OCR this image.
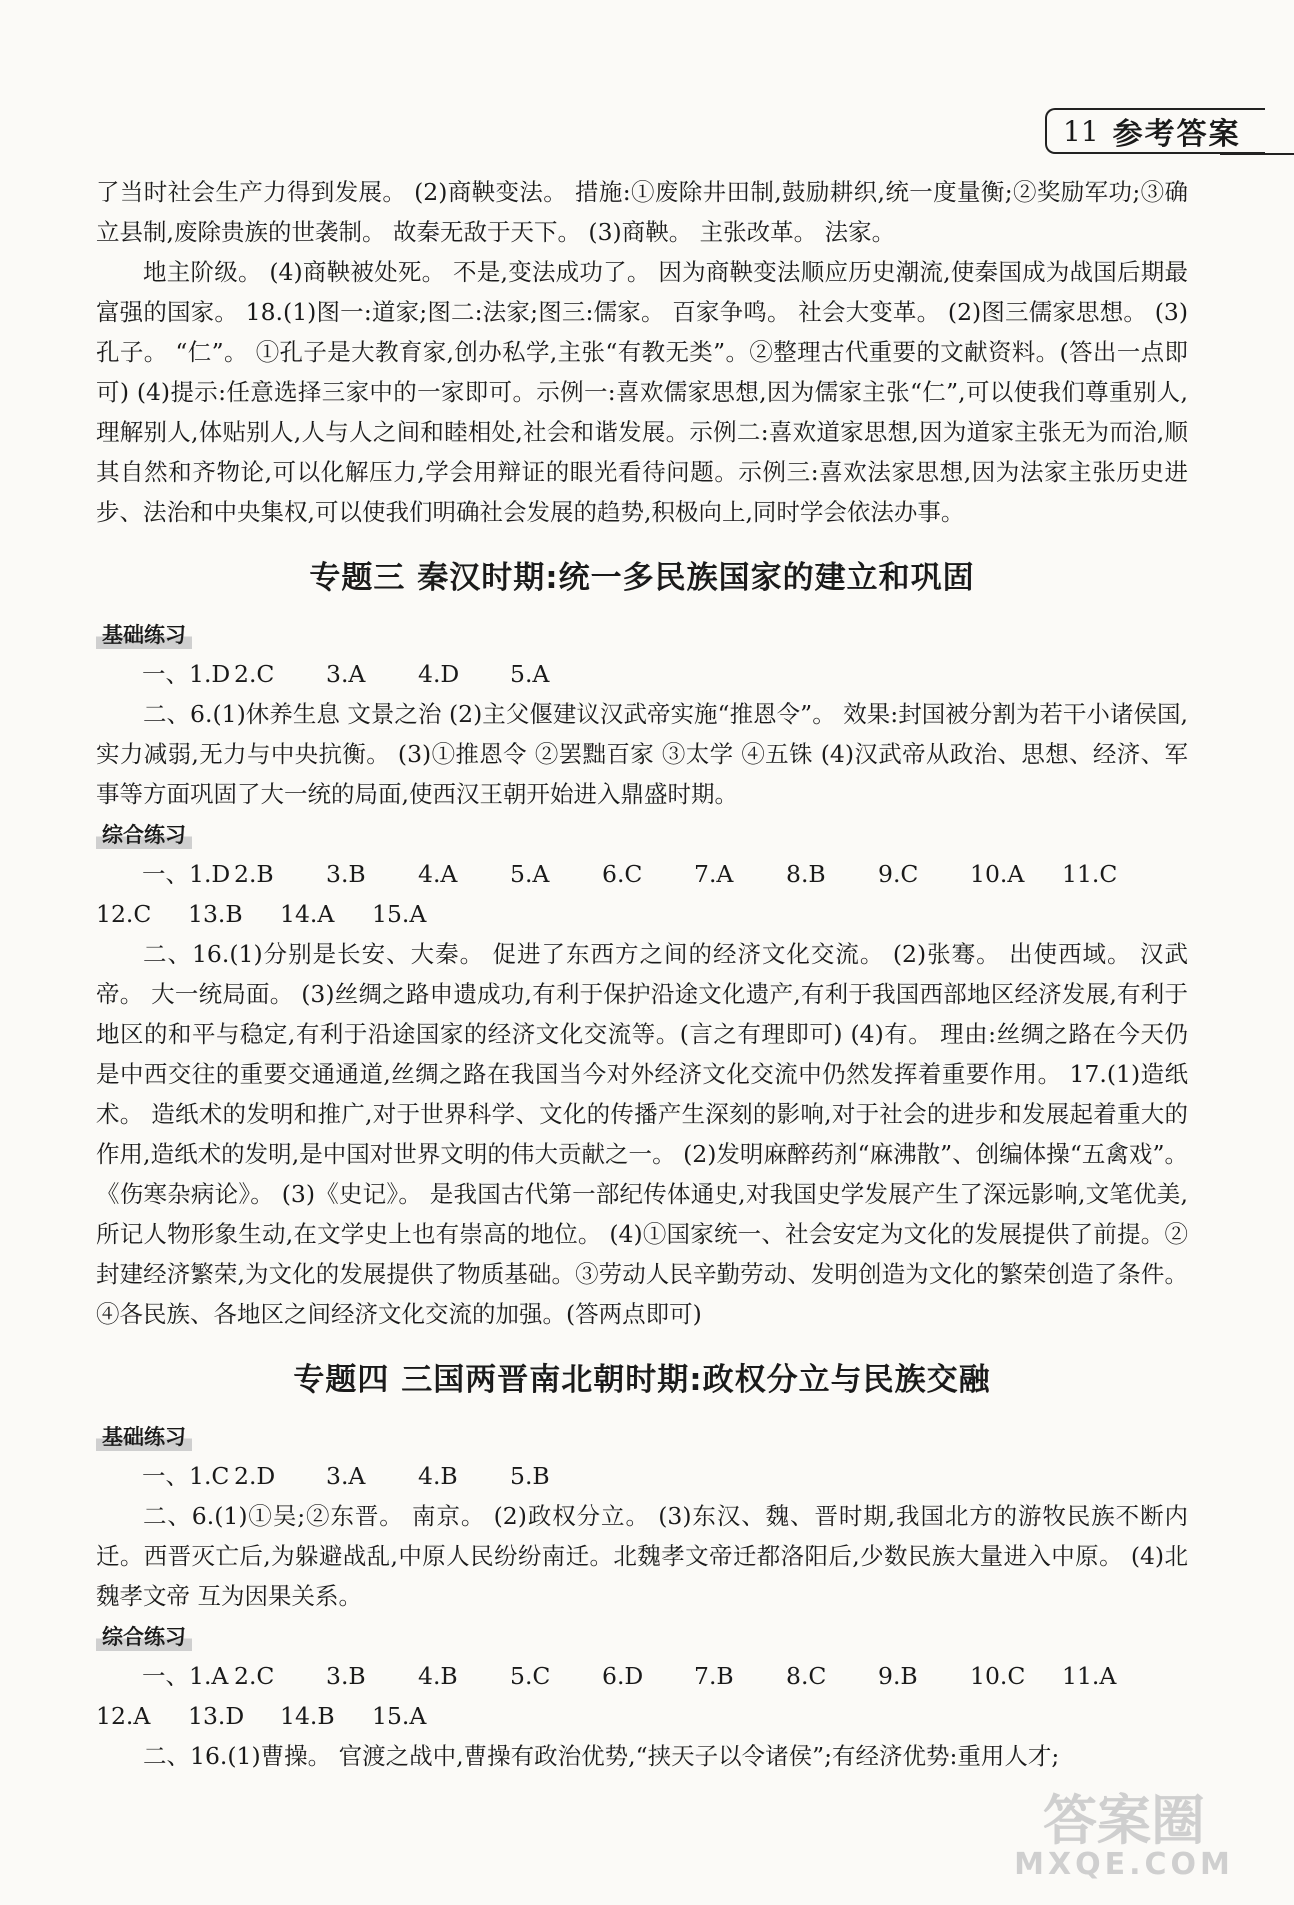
11 参考答案

了当时社会生产力得到发展。 (2)商鞅变法。 措施:①废除井田制,鼓励耕织,统一度量衡;②奖励军功;③确立县制,废除贵族的世袭制。 故秦无敌于天下。 (3)商鞅。 主张改革。 法家。

地主阶级。 (4)商鞅被处死。 不是,变法成功了。 因为商鞅变法顺应历史潮流,使秦国成为战国后期最富强的国家。 18.(1)图一:道家;图二:法家;图三:儒家。 百家争鸣。 社会大变革。 (2)图三儒家思想。 (3)孔子。 “仁”。 ①孔子是大教育家,创办私学,主张“有教无类”。②整理古代重要的文献资料。(答出一点即可) (4)提示:任意选择三家中的一家即可。示例一:喜欢儒家思想,因为儒家主张“仁”,可以使我们尊重别人,理解别人,体贴别人,人与人之间和睦相处,社会和谐发展。示例二:喜欢道家思想,因为道家主张无为而治,顺其自然和齐物论,可以化解压力,学会用辩证的眼光看待问题。示例三:喜欢法家思想,因为法家主张历史进步、法治和中央集权,可以使我们明确社会发展的趋势,积极向上,同时学会依法办事。

专题三 秦汉时期:统一多民族国家的建立和巩固
基础练习
一、1.D 2.C	3.A	4.D	5.A

二、6.(1)休养生息 文景之治 (2)主父偃建议汉武帝实施“推恩令”。 效果:封国被分割为若干小诸侯国,实力减弱,无力与中央抗衡。 (3)①推恩令 ②罢黜百家 ③太学 ④五铢 (4)汉武帝从政治、思想、经济、军事等方面巩固了大一统的局面,使西汉王朝开始进入鼎盛时期。

综合练习
一、1.D 2.B	3.B	4.A	5.A	6.C	7.A	8.B	9.C	10.A	11.C
12.C	13.B	14.A	15.A

二、16.(1)分别是长安、大秦。 促进了东西方之间的经济文化交流。 (2)张骞。 出使西域。 汉武帝。 大一统局面。 (3)丝绸之路申遗成功,有利于保护沿途文化遗产,有利于我国西部地区经济发展,有利于地区的和平与稳定,有利于沿途国家的经济文化交流等。(言之有理即可) (4)有。 理由:丝绸之路在今天仍是中西交往的重要交通通道,丝绸之路在我国当今对外经济文化交流中仍然发挥着重要作用。 17.(1)造纸术。 造纸术的发明和推广,对于世界科学、文化的传播产生深刻的影响,对于社会的进步和发展起着重大的作用,造纸术的发明,是中国对世界文明的伟大贡献之一。 (2)发明麻醉药剂“麻沸散”、创编体操“五禽戏”。 《伤寒杂病论》。 (3)《史记》。 是我国古代第一部纪传体通史,对我国史学发展产生了深远影响,文笔优美,所记人物形象生动,在文学史上也有崇高的地位。 (4)①国家统一、社会安定为文化的发展提供了前提。②封建经济繁荣,为文化的发展提供了物质基础。③劳动人民辛勤劳动、发明创造为文化的繁荣创造了条件。④各民族、各地区之间经济文化交流的加强。(答两点即可)

专题四 三国两晋南北朝时期:政权分立与民族交融
基础练习
一、1.C 2.D	3.A	4.B	5.B

二、6.(1)①吴;②东晋。 南京。 (2)政权分立。 (3)东汉、魏、晋时期,我国北方的游牧民族不断内迁。西晋灭亡后,为躲避战乱,中原人民纷纷南迁。北魏孝文帝迁都洛阳后,少数民族大量进入中原。 (4)北魏孝文帝 互为因果关系。

综合练习
一、1.A 2.C	3.B	4.B	5.C	6.D	7.B	8.C	9.B	10.C	11.A
12.A	13.D	14.B	15.A

二、16.(1)曹操。 官渡之战中,曹操有政治优势,“挟天子以令诸侯”;有经济优势:重用人才;

答案圈
MXQE.COM
